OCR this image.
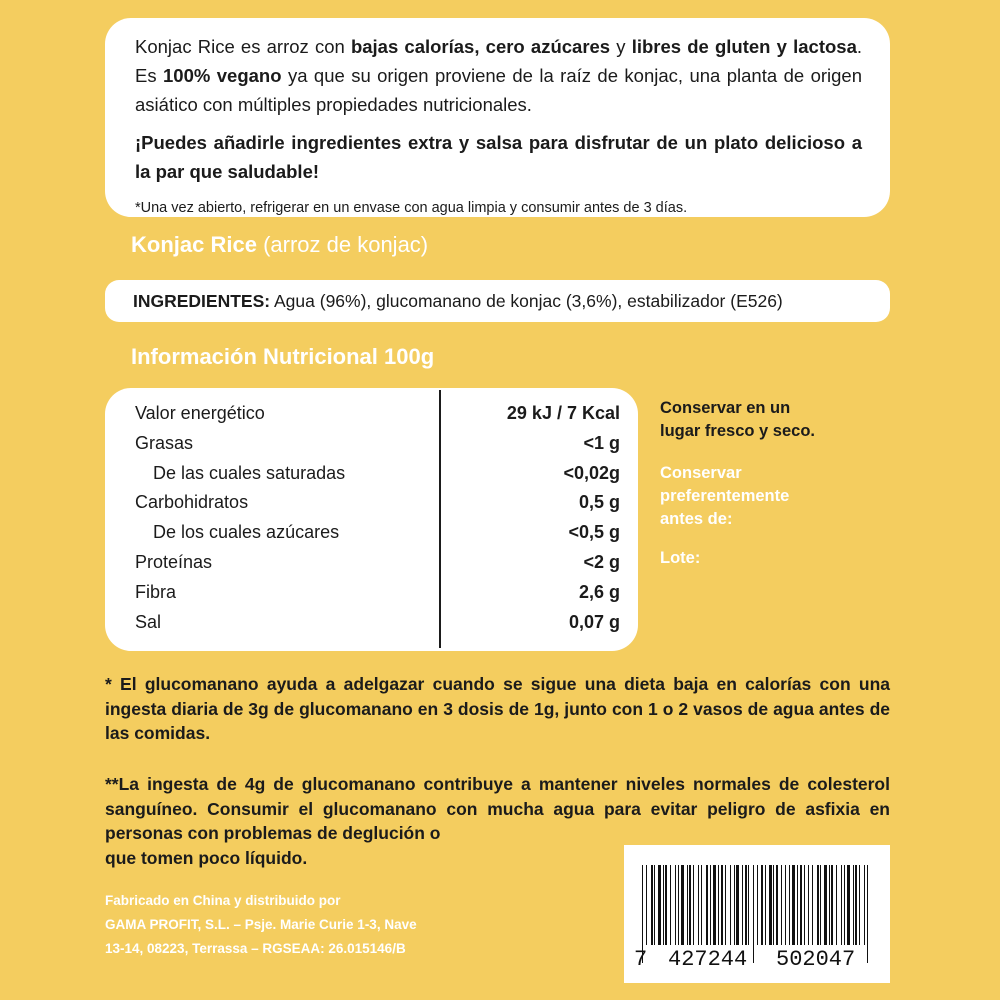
Konjac Rice es arroz con bajas calorías, cero azúcares y libres de gluten y lactosa. Es 100% vegano ya que su origen proviene de la raíz de konjac, una planta de origen asiático con múltiples propiedades nutricionales.

¡Puedes añadirle ingredientes extra y salsa para disfrutar de un plato delicioso a la par que saludable!

*Una vez abierto, refrigerar en un envase con agua limpia y consumir antes de 3 días.

Konjac Rice (arroz de konjac)
INGREDIENTES: Agua (96%), glucomanano de konjac (3,6%), estabilizador (E526)
Información Nutricional 100g
Valor energético	29 kJ / 7 Kcal
Grasas	<1 g
De las cuales saturadas	<0,02g
Carbohidratos	0,5 g
De los cuales azúcares	<0,5 g
Proteínas	<2 g
Fibra	2,6 g
Sal	0,07 g
Conservar en un
lugar fresco y seco.
Conservar
preferentemente
antes de:
Lote:

* El glucomanano ayuda a adelgazar cuando se sigue una dieta baja en calorías con una ingesta diaria de 3g de glucomanano en 3 dosis de 1g, junto con 1 o 2 vasos de agua antes de las comidas.

**La ingesta de 4g de glucomanano contribuye a mantener niveles normales de colesterol sanguíneo. Consumir el glucomanano con mucha agua para evitar peligro de asfixia en personas con problemas de deglución o

que tomen poco líquido.

Fabricado en China y distribuido por
GAMA PROFIT, S.L. – Psje. Marie Curie 1-3, Nave
13-14, 08223, Terrassa – RGSEAA: 26.015146/B	7 427244 502047
